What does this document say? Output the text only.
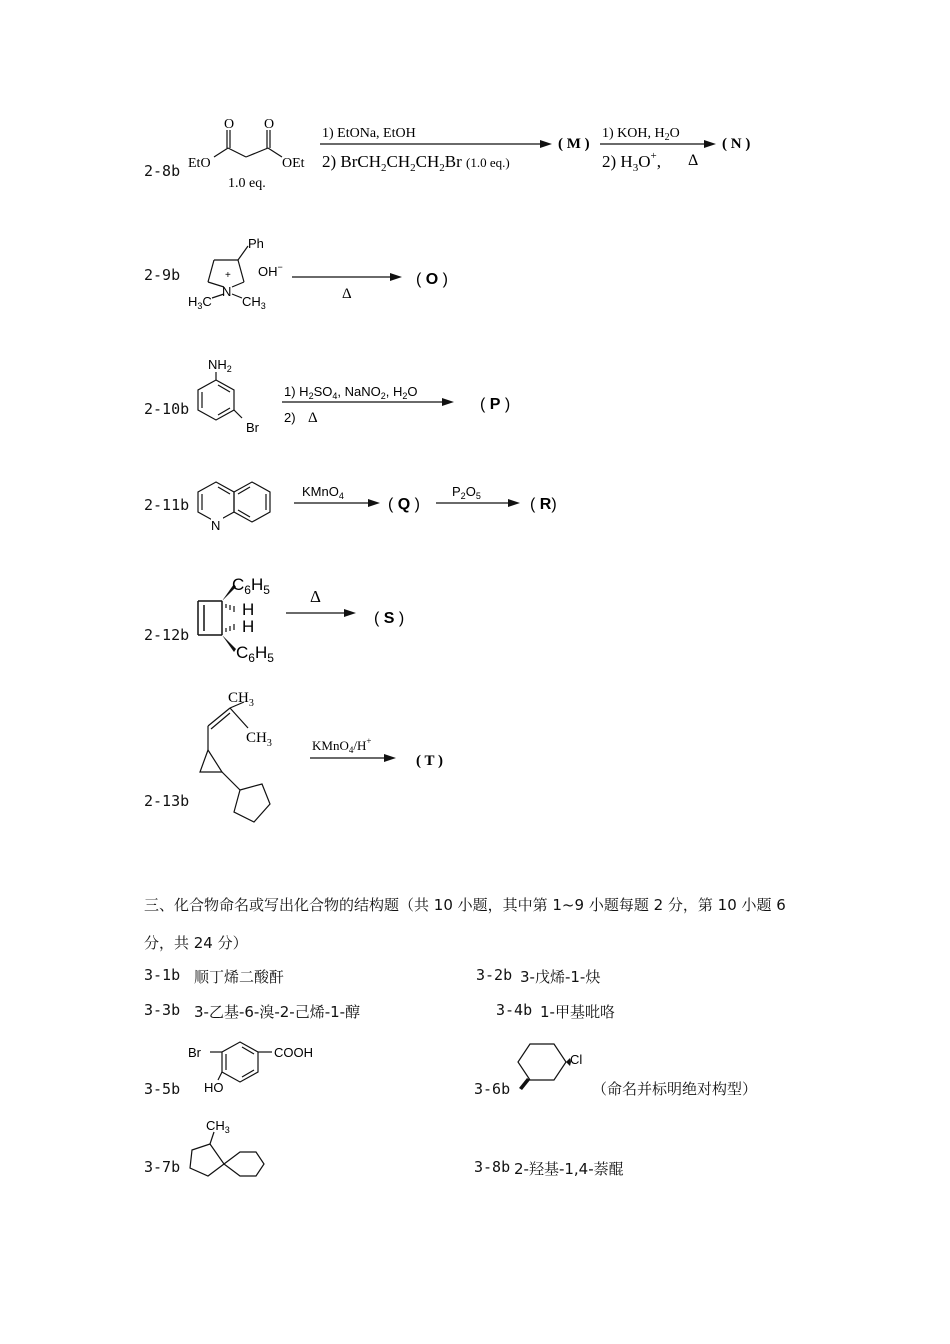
2-8b
O O
EtO	OEt
1.0 eq.
1) EtONa, EtOH
2) $BrCH_2CH_2CH_2Br$ (1.0 eq.)
( M )
1) KOH, $H_2O$
2) $H_3O^+$, Δ
( N )
2-9b
Ph
N
+
$H_3C$ $CH_3$
OH−
Δ
( O )
2-10b
$NH_2$
Br
1) $H_2SO_4$, NaNO$_2$, $H_2O$
2) Δ
( P )
2-11b
N
KMnO$_4$	( Q )
$P_2O_5$	( R)
2-12b
$C_6H_5$
H
H
$C_6H_5$
Δ
( S )
2-13b
$CH_3$
$CH_3$	KMnO$_4$/H+
( T )
三、化合物命名或写出化合物的结构题（共 10 小题，其中第 1~9 小题每题 2 分，第 10 小题 6
分，共 24 分）
3-1b 顺丁烯二酸酐	3-2b 3-戊烯-1-炔
3-3b 3-乙基-6-溴-2-己烯-1-醇	3-4b 1-甲基吡咯
3-5b
Br
HO
COOH
3-6b
Cl
（命名并标明绝对构型）
3-7b
$CH_3$
3-8b 2-羟基-1,4-萘醌
